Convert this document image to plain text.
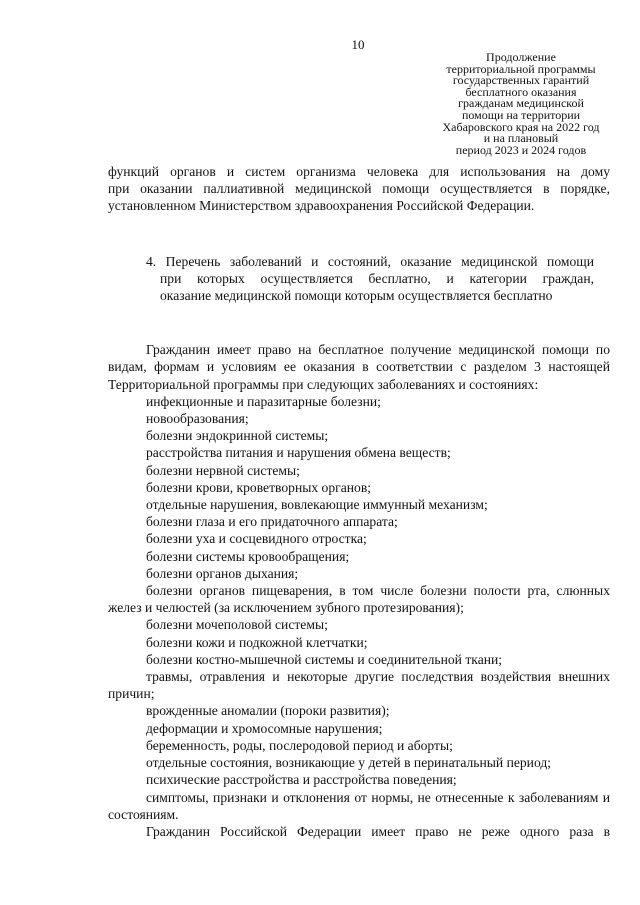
10
Продолжение
территориальной программы
государственных гарантий
бесплатного оказания
гражданам медицинской
помощи на территории
Хабаровского края на 2022 год
и на плановый
период 2023 и 2024 годов

функций органов и систем организма человека для использования на дому

при оказании паллиативной медицинской помощи осуществляется в порядке,

установленном Министерством здравоохранения Российской Федерации.

4. Перечень заболеваний и состояний, оказание медицинской помощи

при которых осуществляется бесплатно, и категории граждан,

оказание медицинской помощи которым осуществляется бесплатно

Гражданин имеет право на бесплатное получение медицинской помощи по видам, формам и условиям ее оказания в соответствии с разделом 3 настоящей Территориальной программы при следующих заболеваниях и состояниях:

инфекционные и паразитарные болезни;

новообразования;

болезни эндокринной системы;

расстройства питания и нарушения обмена веществ;

болезни нервной системы;

болезни крови, кроветворных органов;

отдельные нарушения, вовлекающие иммунный механизм;

болезни глаза и его придаточного аппарата;

болезни уха и сосцевидного отростка;

болезни системы кровообращения;

болезни органов дыхания;

болезни органов пищеварения, в том числе болезни полости рта, слюнных желез и челюстей (за исключением зубного протезирования);

болезни мочеполовой системы;

болезни кожи и подкожной клетчатки;

болезни костно-мышечной системы и соединительной ткани;

травмы, отравления и некоторые другие последствия воздействия внешних причин;

врожденные аномалии (пороки развития);

деформации и хромосомные нарушения;

беременность, роды, послеродовой период и аборты;

отдельные состояния, возникающие у детей в перинатальный период;

психические расстройства и расстройства поведения;

симптомы, признаки и отклонения от нормы, не отнесенные к заболеваниям и состояниям.

Гражданин Российской Федерации имеет право не реже одного раза в
